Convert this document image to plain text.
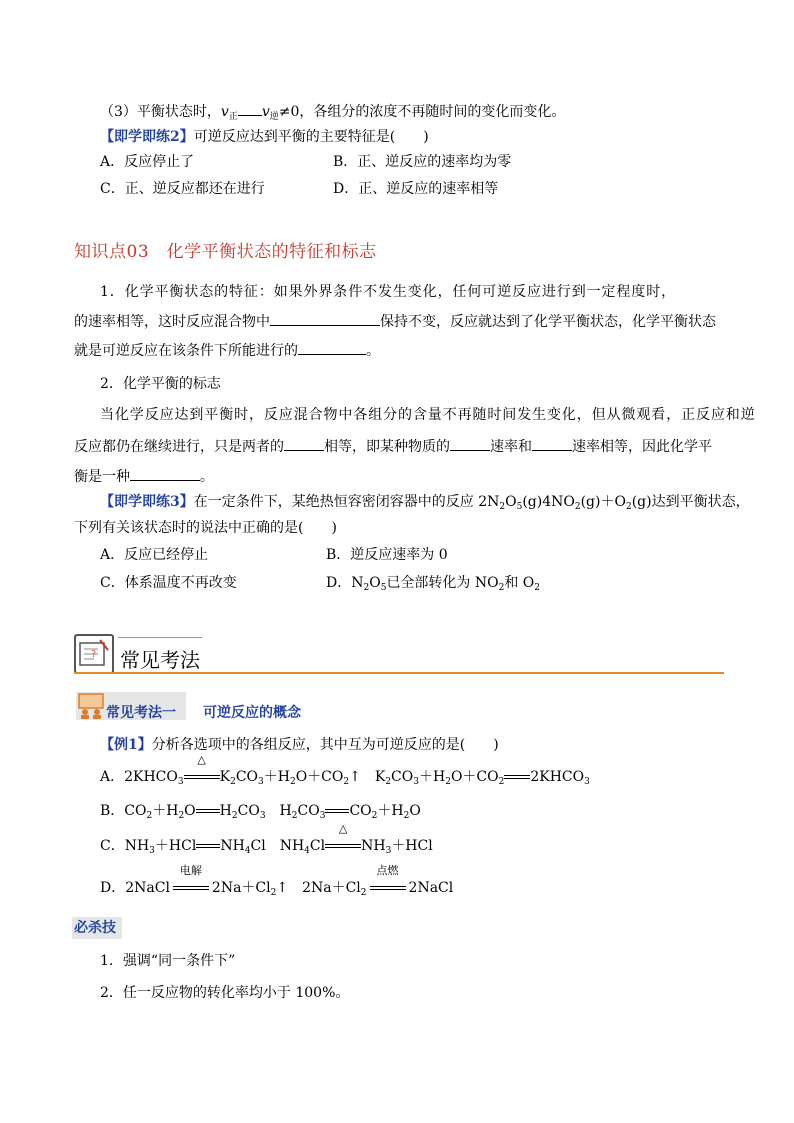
（3）平衡状态时，$v_正$ $v_逆\ne 0$，各组分的浓度不再随时间的变化而变化。
【即学即练2】可逆反应达到平衡的主要特征是(　　)
A．反应停止了	B．正、逆反应的速率均为零
C．正、逆反应都还在进行	D．正、逆反应的速率相等
知识点03　化学平衡状态的特征和标志
1．化学平衡状态的特征：如果外界条件不发生变化，任何可逆反应进行到一定程度时，
的速率相等，这时反应混合物中	保持不变，反应就达到了化学平衡状态，化学平衡状态
就是可逆反应在该条件下所能进行的	。
2．化学平衡的标志
当化学反应达到平衡时，反应混合物中各组分的含量不再随时间发生变化，但从微观看，正反应和逆
反应都仍在继续进行，只是两者的	相等，即某种物质的	速率和	速率相等，因此化学平
衡是一种	。
【即学即练3】在一定条件下，某绝热恒容密闭容器中的反应 $2N_2O_5(g)4NO_2(g)+O_2(g)$达到平衡状态，
下列有关该状态时的说法中正确的是(　　)
A．反应已经停止	B．逆反应速率为 0
C．体系温度不再改变	D．$N_2O_5$已全部转化为 $NO_2$和 $O_2$
? 常见考法
常见考法一 可逆反应的概念
【例1】分析各选项中的各组反应，其中互为可逆反应的是(　　)
A．$2KHCO_3$
△
$K_2CO_3+H_2O+CO_2↑$　$K_2CO_3+H_2O+CO_2$ $2KHCO_3$
B．$CO_2+H_2O$ $H_2CO_3$　$H_2CO_3$ $CO_2+H_2O$
C．$NH_3+HCl$ $NH_4Cl$　$NH_4Cl$
△
$NH_3+HCl$
D．2NaCl
电解
$2Na+Cl_2↑$　$2Na+Cl_2$
点燃
2NaCl
必杀技
1．强调“同一条件下”
2．任一反应物的转化率均小于 100%。
